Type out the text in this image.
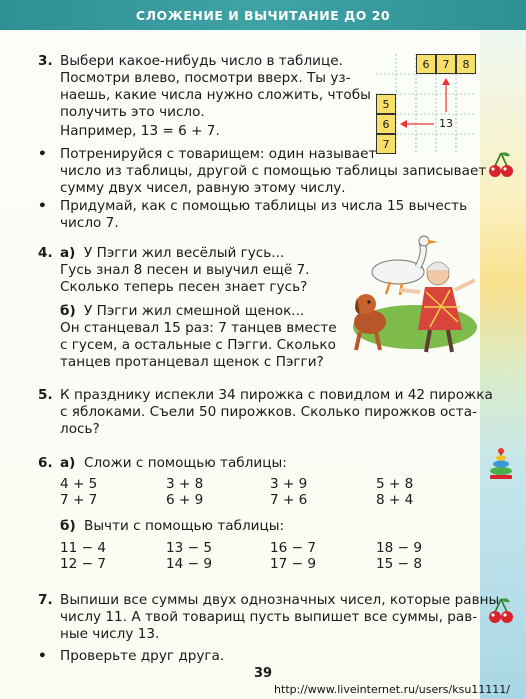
СЛОЖЕНИЕ И ВЫЧИТАНИЕ ДО 20
3. Выбери какое-нибудь число в таблице.
Посмотри влево, посмотри вверх. Ты уз-
наешь, какие числа нужно сложить, чтобы
получить это число.
Например, 13 = 6 + 7.
• Потренируйся с товарищем: один называет
число из таблицы, другой с помощью таблицы записывает
сумму двух чисел, равную этому числу.
• Придумай, как с помощью таблицы из числа 15 вычесть
число 7.
6	7	8
5
6
7
13
4. а) У Пэгги жил весёлый гусь...
Гусь знал 8 песен и выучил ещё 7.
Сколько теперь песен знает гусь?
б) У Пэгги жил смешной щенок...
Он станцевал 15 раз: 7 танцев вместе
с гусем, а остальные с Пэгги. Сколько
танцев протанцевал щенок с Пэгги?
5. К празднику испекли 34 пирожка с повидлом и 42 пирожка
с яблоками. Съели 50 пирожков. Сколько пирожков оста-
лось?
6. а) Сложи с помощью таблицы:
4 + 5	3 + 8	3 + 9	5 + 8
7 + 7	6 + 9	7 + 6	8 + 4
б) Вычти с помощью таблицы:
11 − 4	13 − 5	16 − 7	18 − 9
12 − 7	14 − 9	17 − 9	15 − 8
7. Выпиши все суммы двух однозначных чисел, которые равны
числу 11. А твой товарищ пусть выпишет все суммы, рав-
ные числу 13.
• Проверьте друг друга.
39
http://www.liveinternet.ru/users/ksu11111/
